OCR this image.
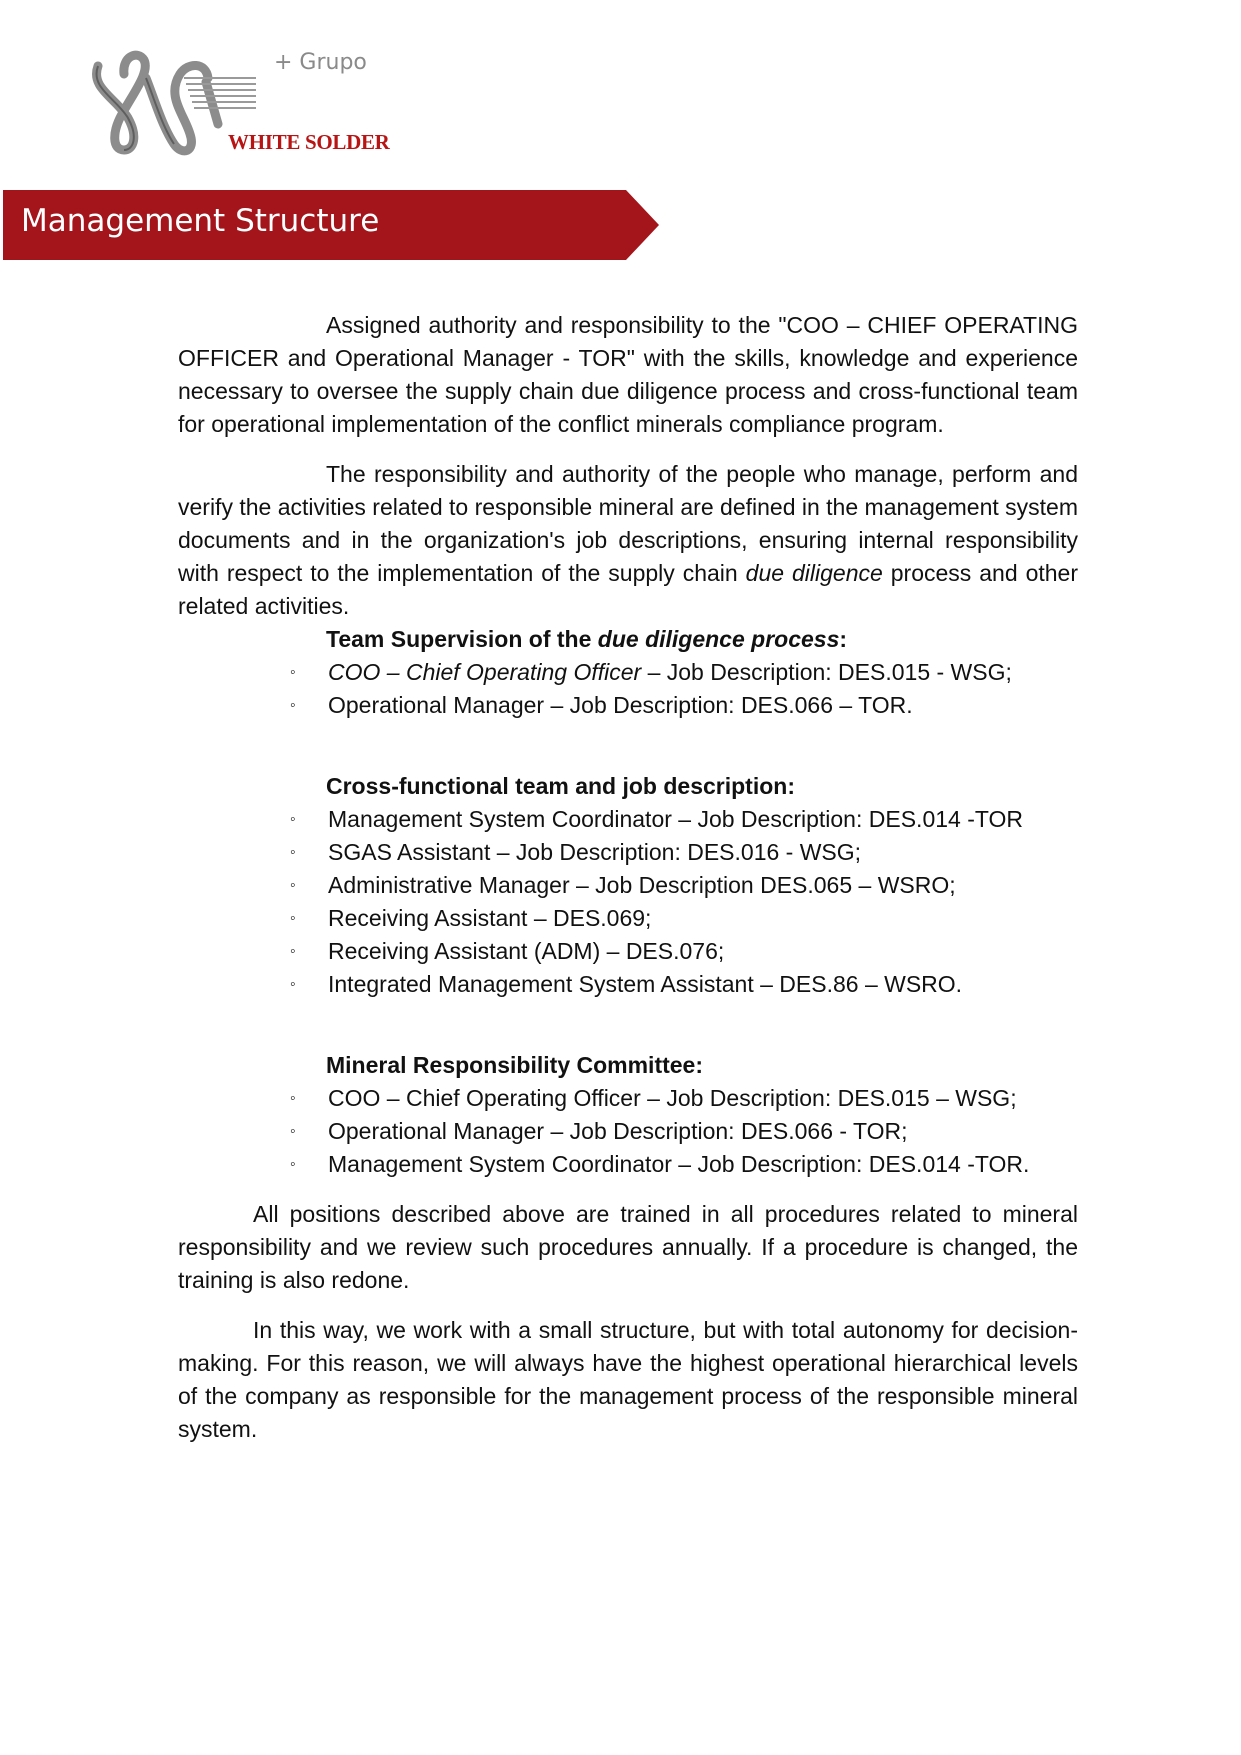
+ Grupo
WHITE SOLDER
Management Structure

Assigned authority and responsibility to the "COO – CHIEF OPERATING OFFICER and Operational Manager - TOR" with the skills, knowledge and experience necessary to oversee the supply chain due diligence process and cross-functional team for operational implementation of the conflict minerals compliance program.

The responsibility and authority of the people who manage, perform and verify the activities related to responsible mineral are defined in the management system documents and in the organization's job descriptions, ensuring internal responsibility with respect to the implementation of the supply chain due diligence process and other related activities.

Team Supervision of the due diligence process:

◦ COO – Chief Operating Officer – Job Description: DES.015 - WSG;
◦ Operational Manager – Job Description: DES.066 – TOR.

Cross-functional team and job description:

◦ Management System Coordinator – Job Description: DES.014 -TOR
◦ SGAS Assistant – Job Description: DES.016 - WSG;
◦ Administrative Manager – Job Description DES.065 – WSRO;
◦ Receiving Assistant – DES.069;
◦ Receiving Assistant (ADM) – DES.076;
◦ Integrated Management System Assistant – DES.86 – WSRO.

Mineral Responsibility Committee:

◦ COO – Chief Operating Officer – Job Description: DES.015 – WSG;
◦ Operational Manager – Job Description: DES.066 - TOR;
◦ Management System Coordinator – Job Description: DES.014 -TOR.

All positions described above are trained in all procedures related to mineral responsibility and we review such procedures annually. If a procedure is changed, the training is also redone.

In this way, we work with a small structure, but with total autonomy for decision-making. For this reason, we will always have the highest operational hierarchical levels of the company as responsible for the management process of the responsible mineral system.
